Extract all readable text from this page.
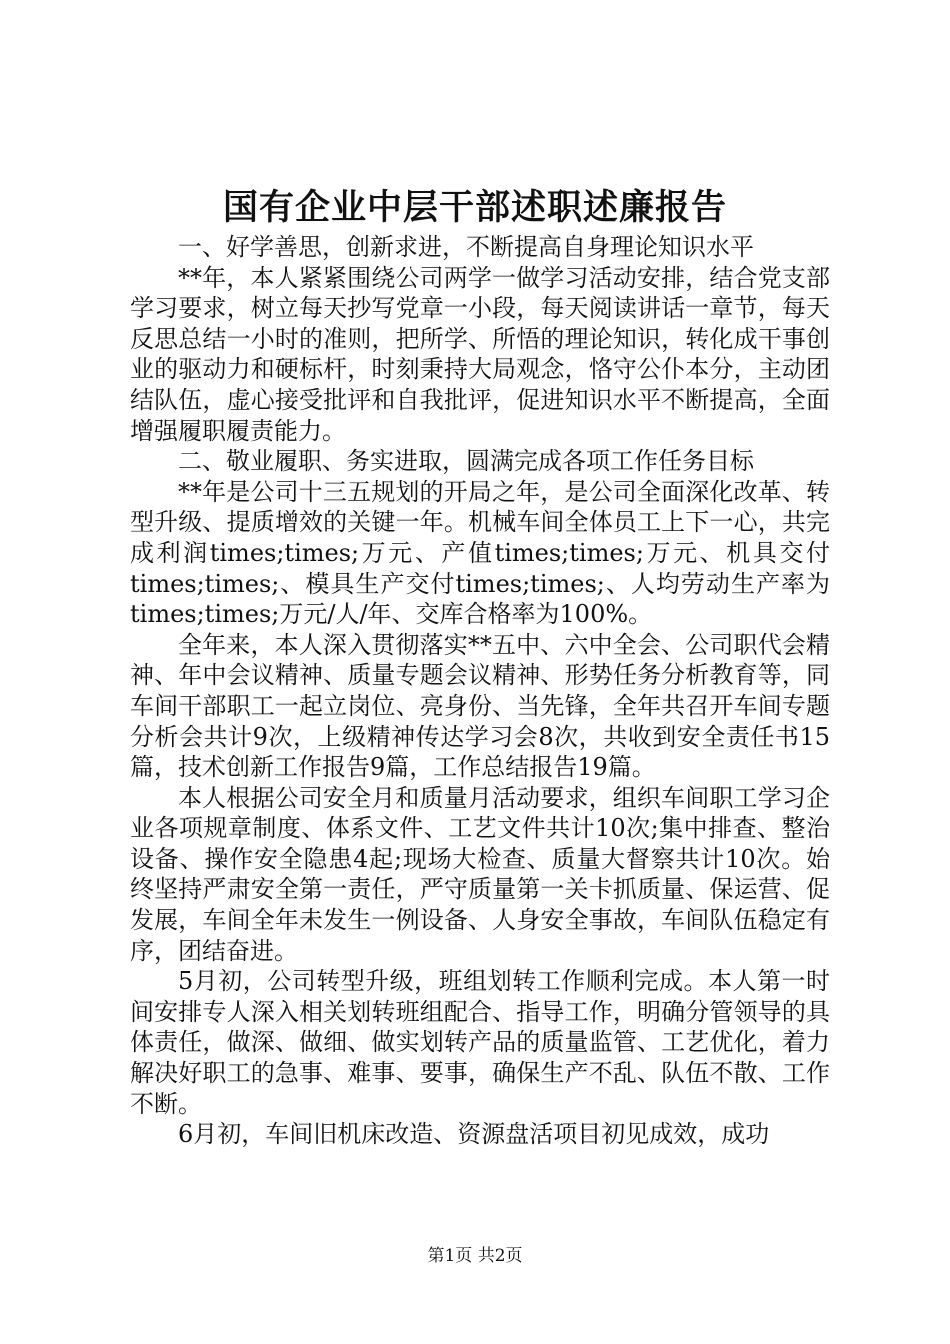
国有企业中层干部述职述廉报告

一、好学善思，创新求进，不断提高自身理论知识水平

**年，本人紧紧围绕公司两学一做学习活动安排，结合党支部学习要求，树立每天抄写党章一小段，每天阅读讲话一章节，每天反思总结一小时的准则，把所学、所悟的理论知识，转化成干事创业的驱动力和硬标杆，时刻秉持大局观念，恪守公仆本分，主动团结队伍，虚心接受批评和自我批评，促进知识水平不断提高，全面增强履职履责能力。

二、敬业履职、务实进取，圆满完成各项工作任务目标

**年是公司十三五规划的开局之年，是公司全面深化改革、转型升级、提质增效的关键一年。机械车间全体员工上下一心，共完成利润times;times;万元、产值times;times;万元、机具交付times;times;、模具生产交付times;times;、人均劳动生产率为times;times;万元/人/年、交库合格率为100%。

全年来，本人深入贯彻落实**五中、六中全会、公司职代会精神、年中会议精神、质量专题会议精神、形势任务分析教育等，同车间干部职工一起立岗位、亮身份、当先锋，全年共召开车间专题分析会共计9次，上级精神传达学习会8次，共收到安全责任书15篇，技术创新工作报告9篇，工作总结报告19篇。

本人根据公司安全月和质量月活动要求，组织车间职工学习企业各项规章制度、体系文件、工艺文件共计10次;集中排查、整治设备、操作安全隐患4起;现场大检查、质量大督察共计10次。始终坚持严肃安全第一责任，严守质量第一关卡抓质量、保运营、促发展，车间全年未发生一例设备、人身安全事故，车间队伍稳定有序，团结奋进。

5月初，公司转型升级，班组划转工作顺利完成。本人第一时间安排专人深入相关划转班组配合、指导工作，明确分管领导的具体责任，做深、做细、做实划转产品的质量监管、工艺优化，着力解决好职工的急事、难事、要事，确保生产不乱、队伍不散、工作不断。

6月初，车间旧机床改造、资源盘活项目初见成效，成功

第1页 共2页
